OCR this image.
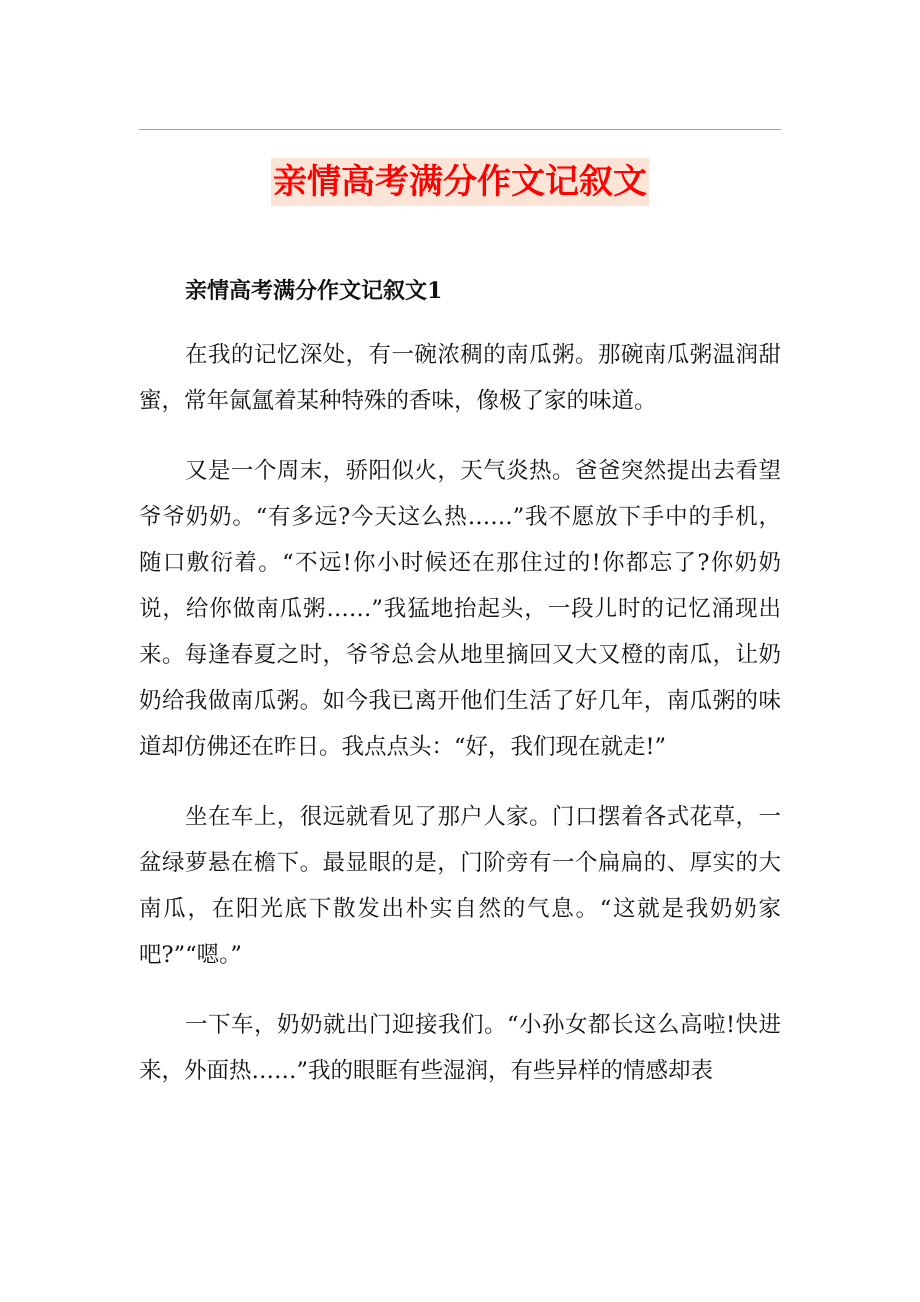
亲情高考满分作文记叙文

亲情高考满分作文记叙文1

在我的记忆深处，有一碗浓稠的南瓜粥。那碗南瓜粥温润甜蜜，常年氤氲着某种特殊的香味，像极了家的味道。

又是一个周末，骄阳似火，天气炎热。爸爸突然提出去看望爷爷奶奶。“有多远?今天这么热……”我不愿放下手中的手机，随口敷衍着。“不远!你小时候还在那住过的!你都忘了?你奶奶说，给你做南瓜粥……”我猛地抬起头，一段儿时的记忆涌现出来。每逢春夏之时，爷爷总会从地里摘回又大又橙的南瓜，让奶奶给我做南瓜粥。如今我已离开他们生活了好几年，南瓜粥的味道却仿佛还在昨日。我点点头：“好，我们现在就走!”

坐在车上，很远就看见了那户人家。门口摆着各式花草，一盆绿萝悬在檐下。最显眼的是，门阶旁有一个扁扁的、厚实的大南瓜，在阳光底下散发出朴实自然的气息。“这就是我奶奶家吧?”“嗯。”

一下车，奶奶就出门迎接我们。“小孙女都长这么高啦!快进来，外面热……”我的眼眶有些湿润，有些异样的情感却表
